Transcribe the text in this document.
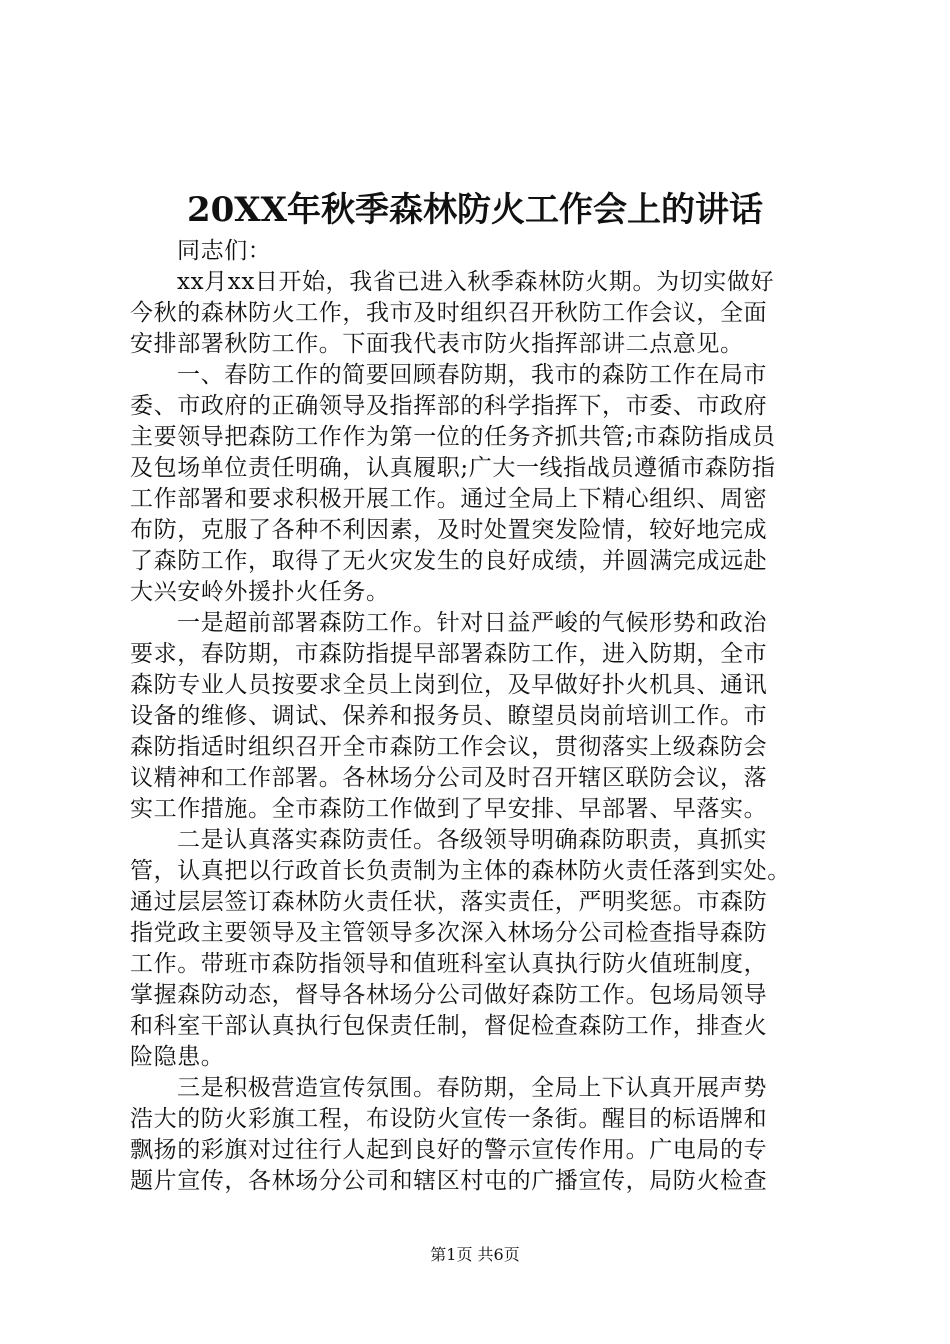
20XX年秋季森林防火工作会上的讲话
同志们：
xx月xx日开始，我省已进入秋季森林防火期。为切实做好
今秋的森林防火工作，我市及时组织召开秋防工作会议，全面
安排部署秋防工作。下面我代表市防火指挥部讲二点意见。
一、春防工作的简要回顾春防期，我市的森防工作在局市
委、市政府的正确领导及指挥部的科学指挥下，市委、市政府
主要领导把森防工作作为第一位的任务齐抓共管;市森防指成员
及包场单位责任明确，认真履职;广大一线指战员遵循市森防指
工作部署和要求积极开展工作。通过全局上下精心组织、周密
布防，克服了各种不利因素，及时处置突发险情，较好地完成
了森防工作，取得了无火灾发生的良好成绩，并圆满完成远赴
大兴安岭外援扑火任务。
一是超前部署森防工作。针对日益严峻的气候形势和政治
要求，春防期，市森防指提早部署森防工作，进入防期，全市
森防专业人员按要求全员上岗到位，及早做好扑火机具、通讯
设备的维修、调试、保养和报务员、瞭望员岗前培训工作。市
森防指适时组织召开全市森防工作会议，贯彻落实上级森防会
议精神和工作部署。各林场分公司及时召开辖区联防会议，落
实工作措施。全市森防工作做到了早安排、早部署、早落实。
二是认真落实森防责任。各级领导明确森防职责，真抓实
管，认真把以行政首长负责制为主体的森林防火责任落到实处。
通过层层签订森林防火责任状，落实责任，严明奖惩。市森防
指党政主要领导及主管领导多次深入林场分公司检查指导森防
工作。带班市森防指领导和值班科室认真执行防火值班制度，
掌握森防动态，督导各林场分公司做好森防工作。包场局领导
和科室干部认真执行包保责任制，督促检查森防工作，排查火
险隐患。
三是积极营造宣传氛围。春防期，全局上下认真开展声势
浩大的防火彩旗工程，布设防火宣传一条街。醒目的标语牌和
飘扬的彩旗对过往行人起到良好的警示宣传作用。广电局的专
题片宣传，各林场分公司和辖区村屯的广播宣传，局防火检查
第1页 共6页
